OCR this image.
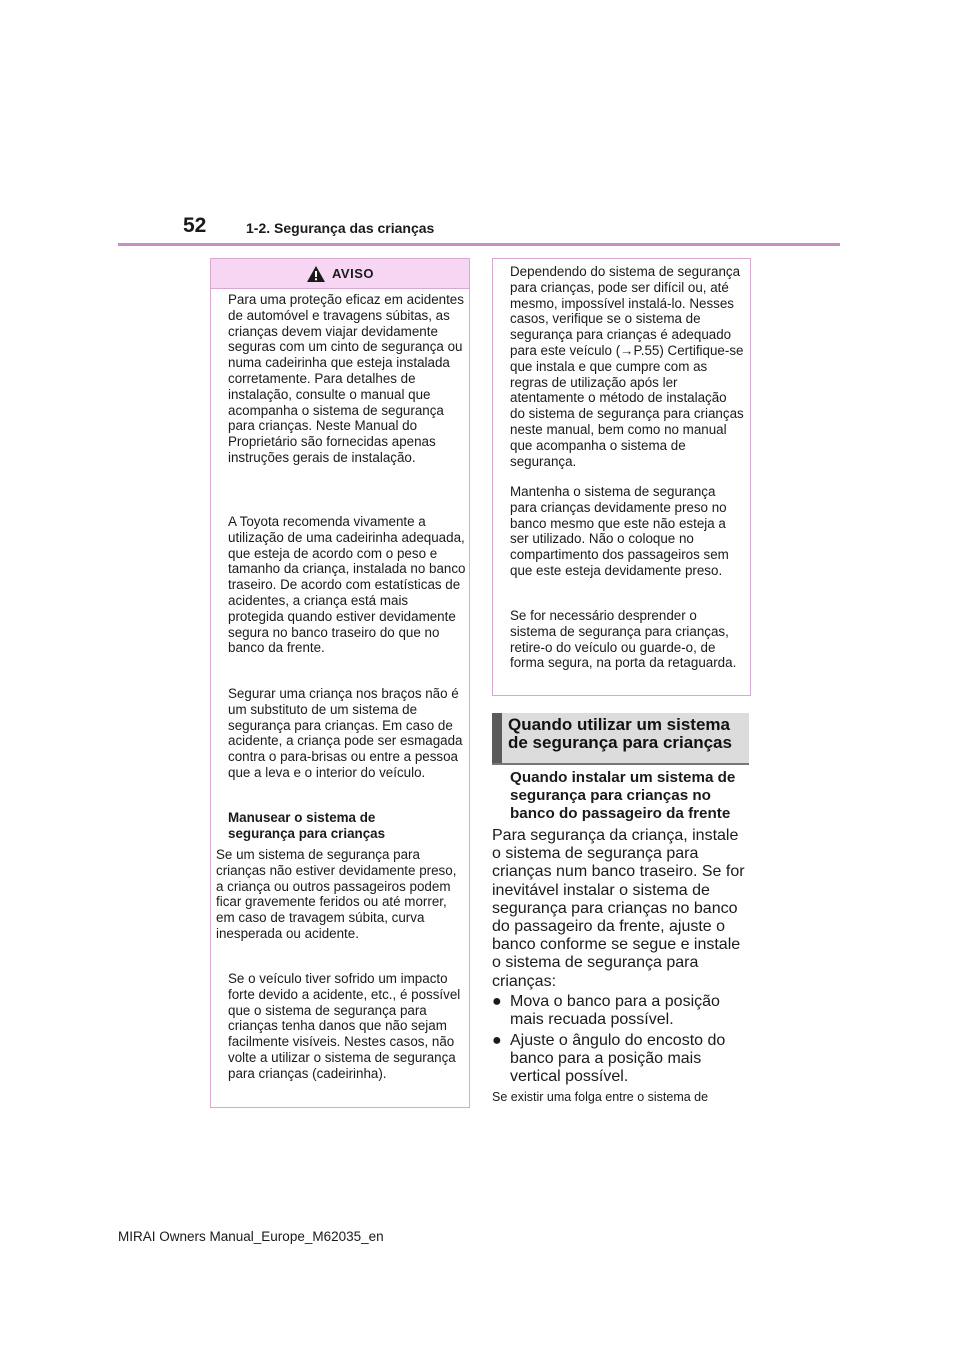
52	1-2. Segurança das crianças
AVISO

Para uma proteção eficaz em acidentes de automóvel e travagens súbitas, as crianças devem viajar devidamente seguras com um cinto de segurança ou numa cadeirinha que esteja instalada corretamente. Para detalhes de instalação, consulte o manual que acompanha o sistema de segurança para crianças. Neste Manual do Proprietário são fornecidas apenas instruções gerais de instalação.

A Toyota recomenda vivamente a utilização de uma cadeirinha adequada, que esteja de acordo com o peso e tamanho da criança, instalada no banco traseiro. De acordo com estatísticas de acidentes, a criança está mais protegida quando estiver devidamente segura no banco traseiro do que no banco da frente.

Segurar uma criança nos braços não é um substituto de um sistema de segurança para crianças. Em caso de acidente, a criança pode ser esmagada contra o para-brisas ou entre a pessoa que a leva e o interior do veículo.

Manusear o sistema de segurança para crianças

Se um sistema de segurança para crianças não estiver devidamente preso, a criança ou outros passageiros podem ficar gravemente feridos ou até morrer, em caso de travagem súbita, curva inesperada ou acidente.

Se o veículo tiver sofrido um impacto forte devido a acidente, etc., é possível que o sistema de segurança para crianças tenha danos que não sejam facilmente visíveis. Nestes casos, não volte a utilizar o sistema de segurança para crianças (cadeirinha).

Dependendo do sistema de segurança para crianças, pode ser difícil ou, até mesmo, impossível instalá-lo. Nesses casos, verifique se o sistema de segurança para crianças é adequado para este veículo (→P.55) Certifique-se que instala e que cumpre com as regras de utilização após ler atentamente o método de instalação do sistema de segurança para crianças neste manual, bem como no manual que acompanha o sistema de segurança.

Mantenha o sistema de segurança para crianças devidamente preso no banco mesmo que este não esteja a ser utilizado. Não o coloque no compartimento dos passageiros sem que este esteja devidamente preso.

Se for necessário desprender o sistema de segurança para crianças, retire-o do veículo ou guarde-o, de forma segura, na porta da retaguarda.

Quando utilizar um sistema de segurança para crianças

Quando instalar um sistema de segurança para crianças no banco do passageiro da frente

Para segurança da criança, instale o sistema de segurança para crianças num banco traseiro. Se for inevitável instalar o sistema de segurança para crianças no banco do passageiro da frente, ajuste o banco conforme se segue e instale o sistema de segurança para crianças:

● Mova o banco para a posição mais recuada possível.
● Ajuste o ângulo do encosto do banco para a posição mais vertical possível.

Se existir uma folga entre o sistema de

MIRAI Owners Manual_Europe_M62035_en
